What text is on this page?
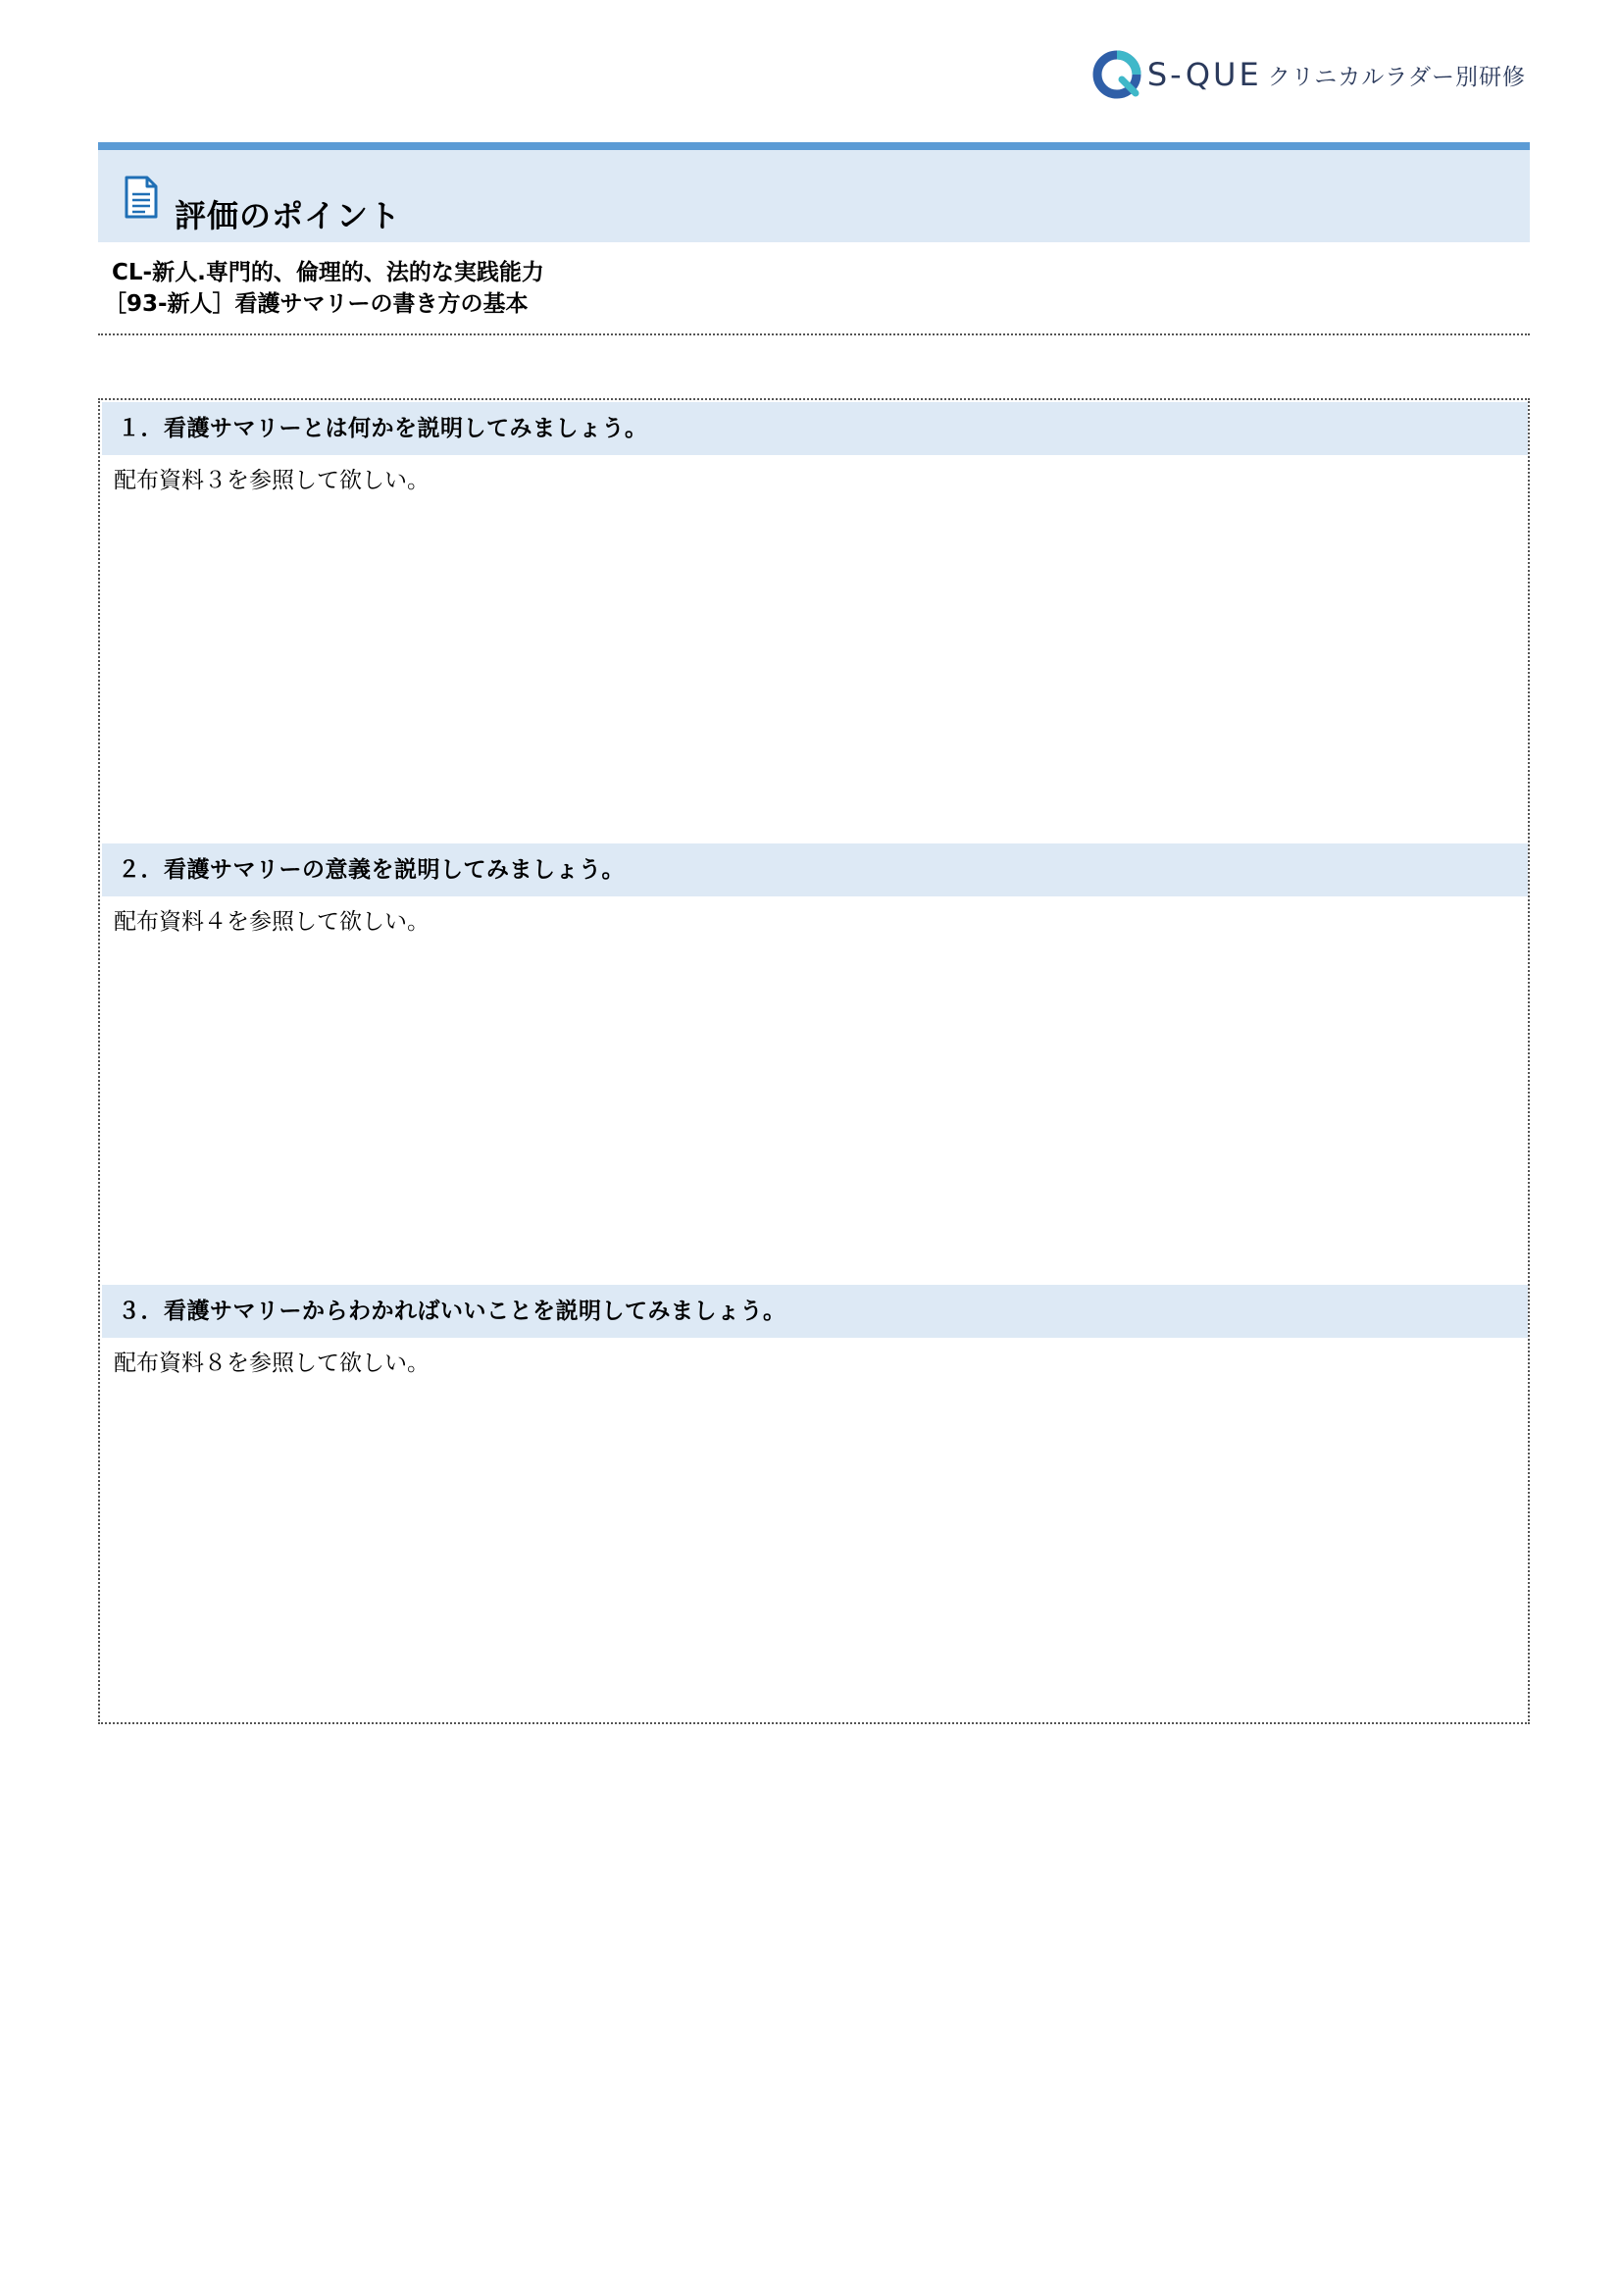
S-QUE クリニカルラダー別研修
評価のポイント
CL-新人.専門的、倫理的、法的な実践能力
［93-新人］看護サマリーの書き方の基本
１．看護サマリーとは何かを説明してみましょう。
配布資料３を参照して欲しい。
２．看護サマリーの意義を説明してみましょう。
配布資料４を参照して欲しい。
３．看護サマリーからわかればいいことを説明してみましょう。
配布資料８を参照して欲しい。
